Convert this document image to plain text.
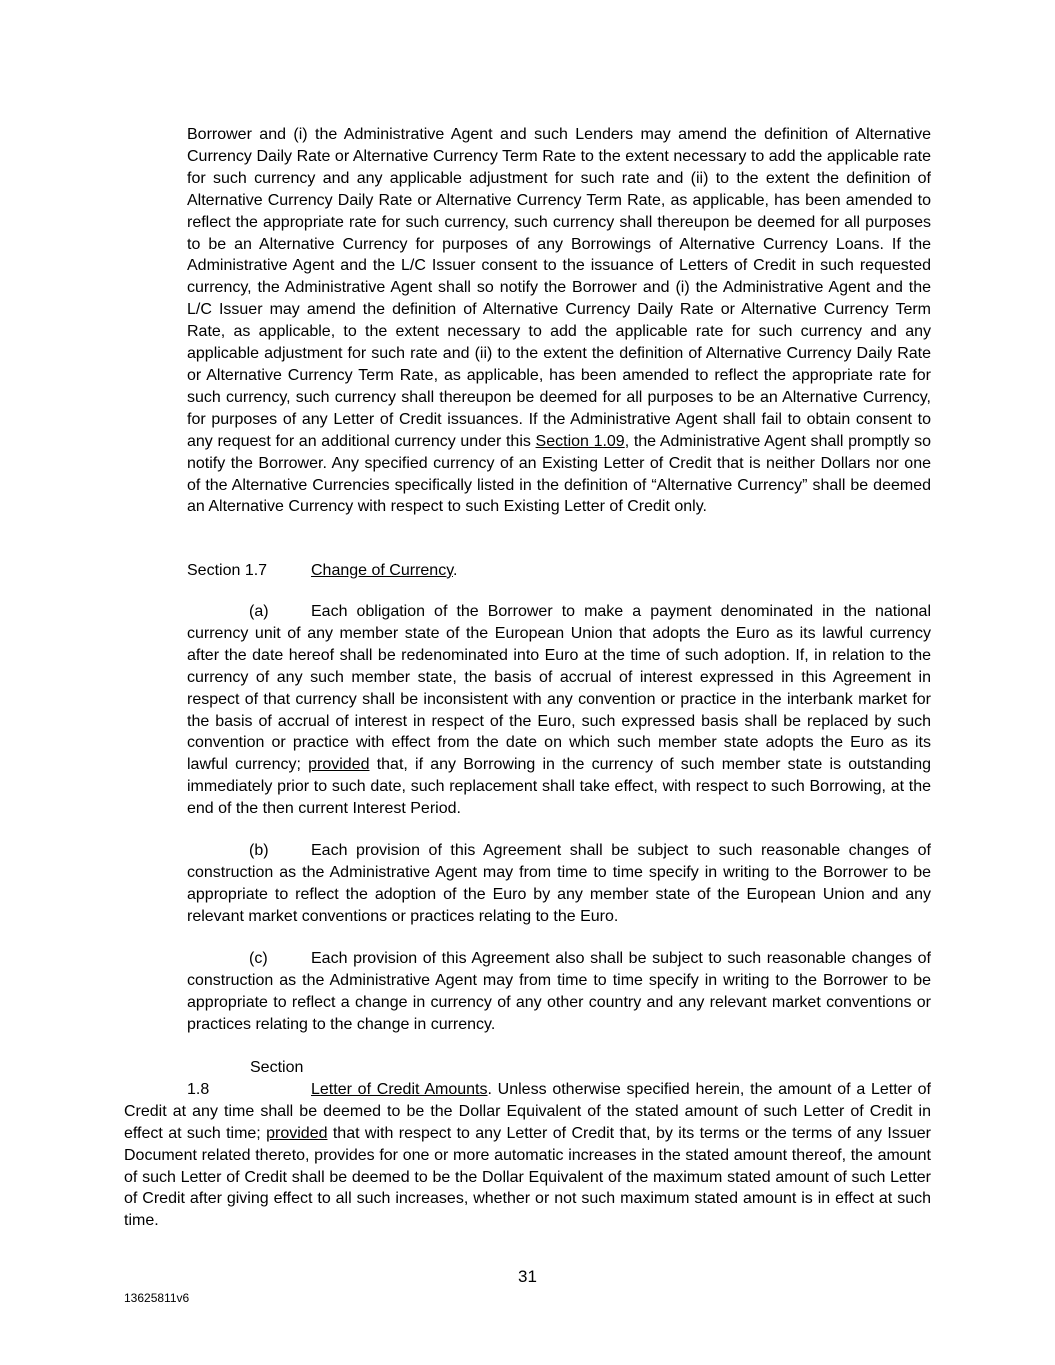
Borrower and (i) the Administrative Agent and such Lenders may amend the definition of Alternative Currency Daily Rate or Alternative Currency Term Rate to the extent necessary to add the applicable rate for such currency and any applicable adjustment for such rate and (ii) to the extent the definition of Alternative Currency Daily Rate or Alternative Currency Term Rate, as applicable, has been amended to reflect the appropriate rate for such currency, such currency shall thereupon be deemed for all purposes to be an Alternative Currency for purposes of any Borrowings of Alternative Currency Loans. If the Administrative Agent and the L/C Issuer consent to the issuance of Letters of Credit in such requested currency, the Administrative Agent shall so notify the Borrower and (i) the Administrative Agent and the L/C Issuer may amend the definition of Alternative Currency Daily Rate or Alternative Currency Term Rate, as applicable, to the extent necessary to add the applicable rate for such currency and any applicable adjustment for such rate and (ii) to the extent the definition of Alternative Currency Daily Rate or Alternative Currency Term Rate, as applicable, has been amended to reflect the appropriate rate for such currency, such currency shall thereupon be deemed for all purposes to be an Alternative Currency, for purposes of any Letter of Credit issuances. If the Administrative Agent shall fail to obtain consent to any request for an additional currency under this Section 1.09, the Administrative Agent shall promptly so notify the Borrower. Any specified currency of an Existing Letter of Credit that is neither Dollars nor one of the Alternative Currencies specifically listed in the definition of “Alternative Currency” shall be deemed an Alternative Currency with respect to such Existing Letter of Credit only.

Section 1.7	Change of Currency.

(a)	Each obligation of the Borrower to make a payment denominated in the national currency unit of any member state of the European Union that adopts the Euro as its lawful currency after the date hereof shall be redenominated into Euro at the time of such adoption. If, in relation to the currency of any such member state, the basis of accrual of interest expressed in this Agreement in respect of that currency shall be inconsistent with any convention or practice in the interbank market for the basis of accrual of interest in respect of the Euro, such expressed basis shall be replaced by such convention or practice with effect from the date on which such member state adopts the Euro as its lawful currency; provided that, if any Borrowing in the currency of such member state is outstanding immediately prior to such date, such replacement shall take effect, with respect to such Borrowing, at the end of the then current Interest Period.

(b)	Each provision of this Agreement shall be subject to such reasonable changes of construction as the Administrative Agent may from time to time specify in writing to the Borrower to be appropriate to reflect the adoption of the Euro by any member state of the European Union and any relevant market conventions or practices relating to the Euro.

(c)	Each provision of this Agreement also shall be subject to such reasonable changes of construction as the Administrative Agent may from time to time specify in writing to the Borrower to be appropriate to reflect a change in currency of any other country and any relevant market conventions or practices relating to the change in currency.

Section 1.8	Letter of Credit Amounts. Unless otherwise specified herein, the amount of a Letter of Credit at any time shall be deemed to be the Dollar Equivalent of the stated amount of such Letter of Credit in effect at such time; provided that with respect to any Letter of Credit that, by its terms or the terms of any Issuer Document related thereto, provides for one or more automatic increases in the stated amount thereof, the amount of such Letter of Credit shall be deemed to be the Dollar Equivalent of the maximum stated amount of such Letter of Credit after giving effect to all such increases, whether or not such maximum stated amount is in effect at such time.

31
13625811v6
